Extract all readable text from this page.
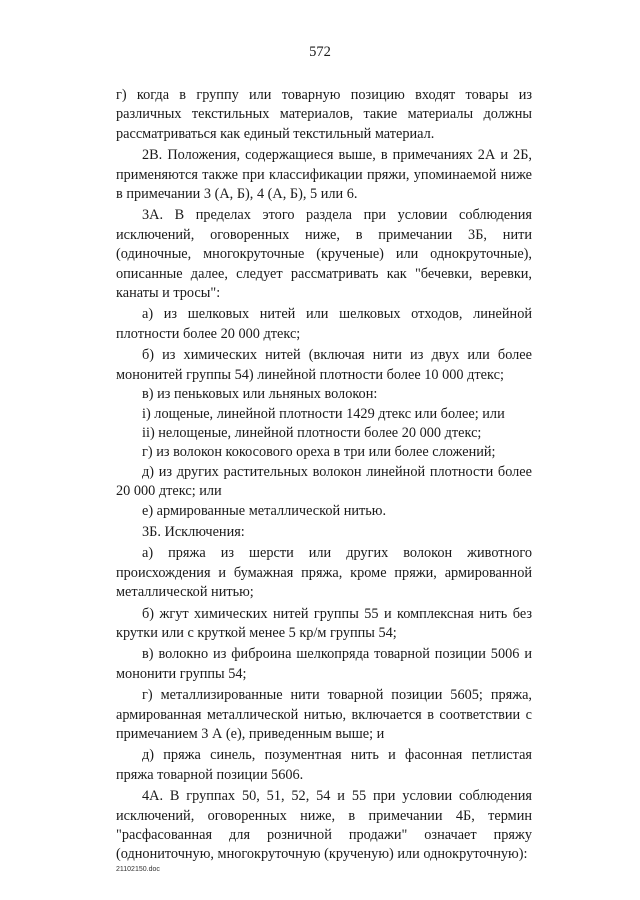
572

г) когда в группу или товарную позицию входят товары из различных текстильных материалов, такие материалы должны рассматриваться как единый текстильный материал.

2В. Положения, содержащиеся выше, в примечаниях 2А и 2Б, применяются также при классификации пряжи, упоминаемой ниже в примечании 3 (А, Б), 4 (А, Б), 5 или 6.

3А. В пределах этого раздела при условии соблюдения исключений, оговоренных ниже, в примечании 3Б, нити (одиночные, многокруточные (крученые) или однокруточные), описанные далее, следует рассматривать как "бечевки, веревки, канаты и тросы":

а) из шелковых нитей или шелковых отходов, линейной плотности более 20 000 дтекс;

б) из химических нитей (включая нити из двух или более мононитей группы 54) линейной плотности более 10 000 дтекс;

в) из пеньковых или льняных волокон:

i) лощеные, линейной плотности 1429 дтекс или более; или

ii) нелощеные, линейной плотности более 20 000 дтекс;

г) из волокон кокосового ореха в три или более сложений;

д) из других растительных волокон линейной плотности более 20 000 дтекс; или

е) армированные металлической нитью.

3Б. Исключения:

а) пряжа из шерсти или других волокон животного происхождения и бумажная пряжа, кроме пряжи, армированной металлической нитью;

б) жгут химических нитей группы 55 и комплексная нить без крутки или с круткой менее 5 кр/м группы 54;

в) волокно из фиброина шелкопряда товарной позиции 5006 и мононити группы 54;

г) металлизированные нити товарной позиции 5605; пряжа, армированная металлической нитью, включается в соответствии с примечанием 3 А (е), приведенным выше; и

д) пряжа синель, позументная нить и фасонная петлистая пряжа товарной позиции 5606.

4А. В группах 50, 51, 52, 54 и 55 при условии соблюдения исключений, оговоренных ниже, в примечании 4Б, термин "расфасованная для розничной продажи" означает пряжу (однониточную, многокруточную (крученую) или однокруточную):

21102150.doc
